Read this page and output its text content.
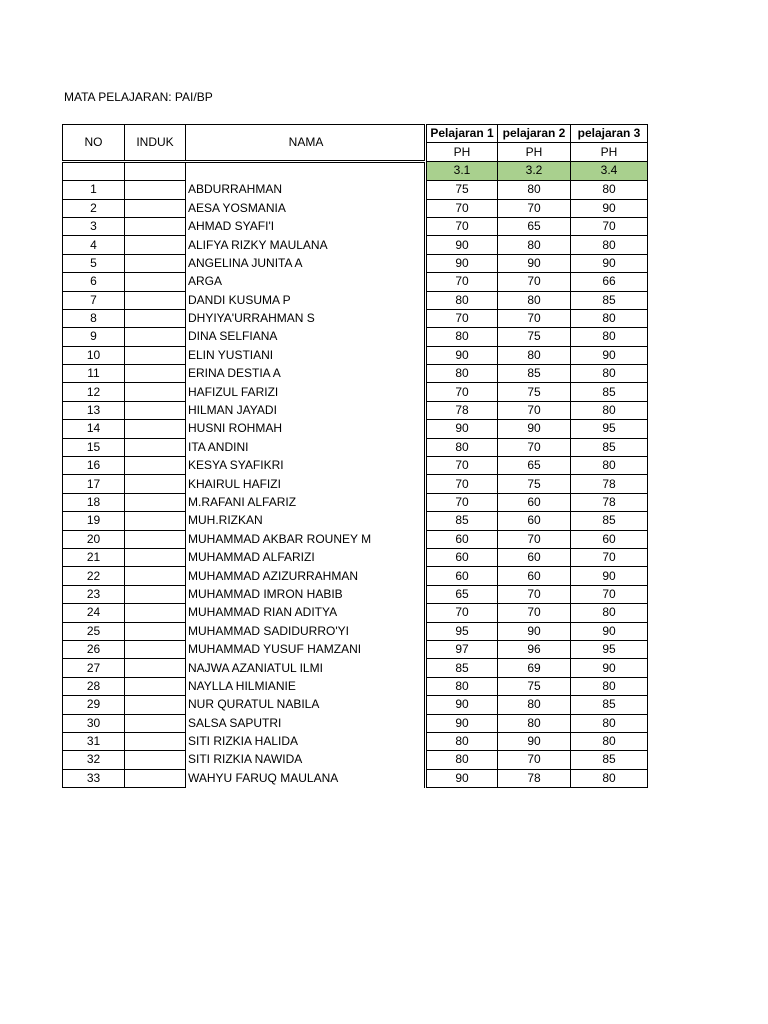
MATA PELAJARAN: PAI/BP
NO	INDUK	NAMA		Pelajaran 1	pelajaran 2	pelajaran 3
				PH	PH	PH
				3.1	3.2	3.4
1		ABDURRAHMAN		75	80	80
2		AESA YOSMANIA		70	70	90
3		AHMAD SYAFI'I		70	65	70
4		ALIFYA RIZKY MAULANA		90	80	80
5		ANGELINA JUNITA A		90	90	90
6		ARGA		70	70	66
7		DANDI KUSUMA P		80	80	85
8		DHYIYA'URRAHMAN S		70	70	80
9		DINA SELFIANA		80	75	80
10		ELIN YUSTIANI		90	80	90
11		ERINA DESTIA A		80	85	80
12		HAFIZUL FARIZI		70	75	85
13		HILMAN JAYADI		78	70	80
14		HUSNI ROHMAH		90	90	95
15		ITA ANDINI		80	70	85
16		KESYA SYAFIKRI		70	65	80
17		KHAIRUL HAFIZI		70	75	78
18		M.RAFANI ALFARIZ		70	60	78
19		MUH.RIZKAN		85	60	85
20		MUHAMMAD AKBAR ROUNEY M		60	70	60
21		MUHAMMAD ALFARIZI		60	60	70
22		MUHAMMAD AZIZURRAHMAN		60	60	90
23		MUHAMMAD IMRON HABIB		65	70	70
24		MUHAMMAD RIAN ADITYA		70	70	80
25		MUHAMMAD SADIDURRO'YI		95	90	90
26		MUHAMMAD YUSUF HAMZANI		97	96	95
27		NAJWA AZANIATUL ILMI		85	69	90
28		NAYLLA HILMIANIE		80	75	80
29		NUR QURATUL NABILA		90	80	85
30		SALSA SAPUTRI		90	80	80
31		SITI RIZKIA HALIDA		80	90	80
32		SITI RIZKIA NAWIDA		80	70	85
33		WAHYU FARUQ MAULANA		90	78	80
